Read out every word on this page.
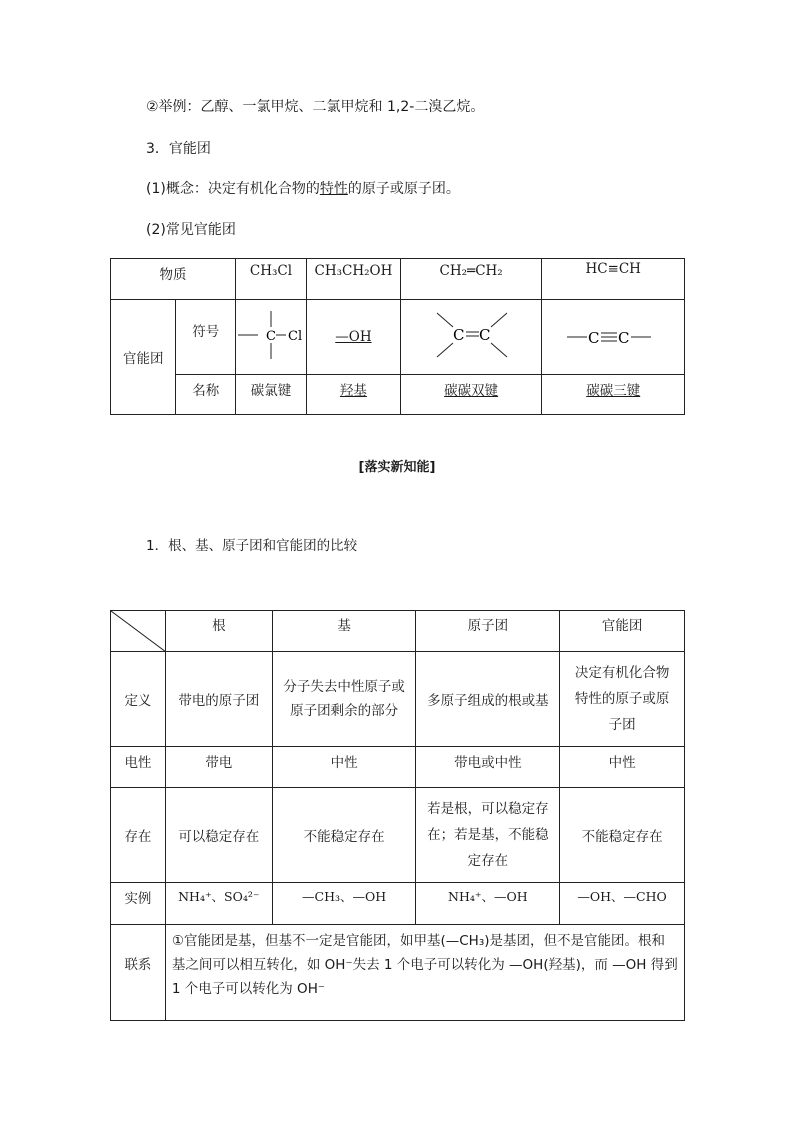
②举例：乙醇、一氯甲烷、二氯甲烷和 1,2-二溴乙烷。
3．官能团
(1)概念：决定有机化合物的特性的原子或原子团。
(2)常见官能团
物质		CH₃Cl	CH₃CH₂OH	CH₂═CH₂	HC≡CH
官能团	符号	C Cl	—OH	C C	C C

	名称	碳氯键	羟基	碳碳双键	碳碳三键
[落实新知能]
1．根、基、原子团和官能团的比较
	根	基	原子团	官能团
定义	带电的原子团	分子失去中性原子或原子团剩余的部分	多原子组成的根或基	决定有机化合物特性的原子或原子团
电性	带电	中性	带电或中性	中性
存在	可以稳定存在	不能稳定存在	若是根，可以稳定存在；若是基，不能稳定存在	不能稳定存在
实例	NH₄⁺、SO₄²⁻	—CH₃、—OH	NH₄⁺、—OH	—OH、—CHO
联系	①官能团是基，但基不一定是官能团，如甲基(—CH₃)是基团，但不是官能团。根和基之间可以相互转化，如 OH⁻失去 1 个电子可以转化为 —OH(羟基)，而 —OH 得到 1 个电子可以转化为 OH⁻			
